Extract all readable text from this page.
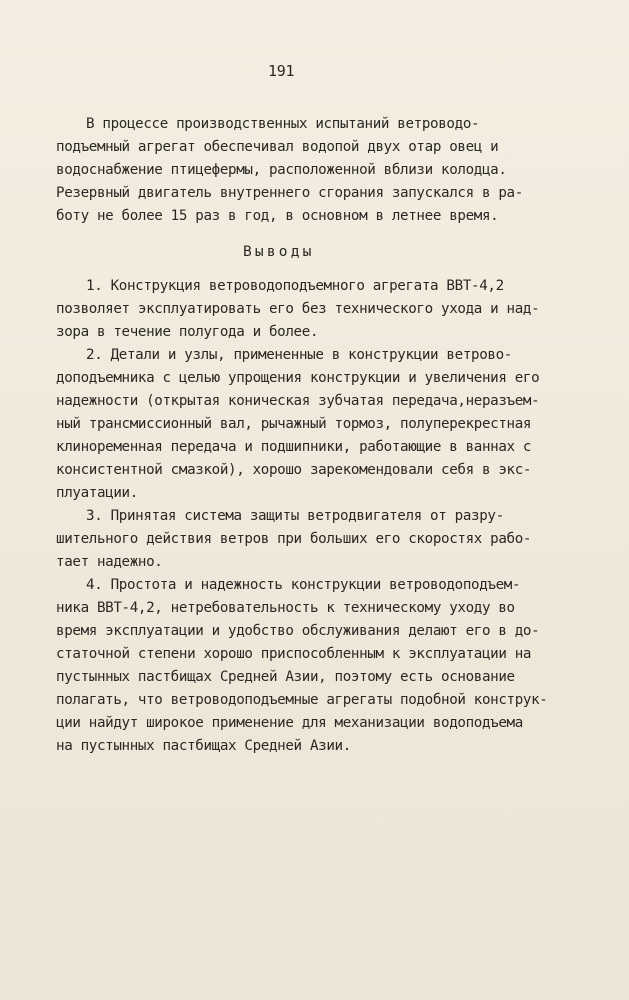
191
В процессе производственных испытаний ветроводо-
подъемный агрегат обеспечивал водопой двух отар овец и
водоснабжение птицефермы, расположенной вблизи колодца.
Резервный двигатель внутреннего сгорания запускался в ра-
боту не более 15 раз в год, в основном в летнее время.
Выводы
1. Конструкция ветроводоподъемного агрегата ВВТ-4,2
позволяет эксплуатировать его без технического ухода и над-
зора в течение полугода и более.
2. Детали и узлы, примененные в конструкции ветрово-
доподъемника с целью упрощения конструкции и увеличения его
надежности (открытая коническая зубчатая передача,неразъем-
ный трансмиссионный вал, рычажный тормоз, полуперекрестная
клиноременная передача и подшипники, работающие в ваннах с
консистентной смазкой), хорошо зарекомендовали себя в экс-
плуатации.
3. Принятая система защиты ветродвигателя от разру-
шительного действия ветров при больших его скоростях рабо-
тает надежно.
4. Простота и надежность конструкции ветроводоподъем-
ника ВВТ-4,2, нетребовательность к техническому уходу во
время эксплуатации и удобство обслуживания делают его в до-
статочной степени хорошо приспособленным к эксплуатации на
пустынных пастбищах Средней Азии, поэтому есть основание
полагать, что ветроводоподъемные агрегаты подобной конструк-
ции найдут широкое применение для механизации водоподъема
на пустынных пастбищах Средней Азии.
